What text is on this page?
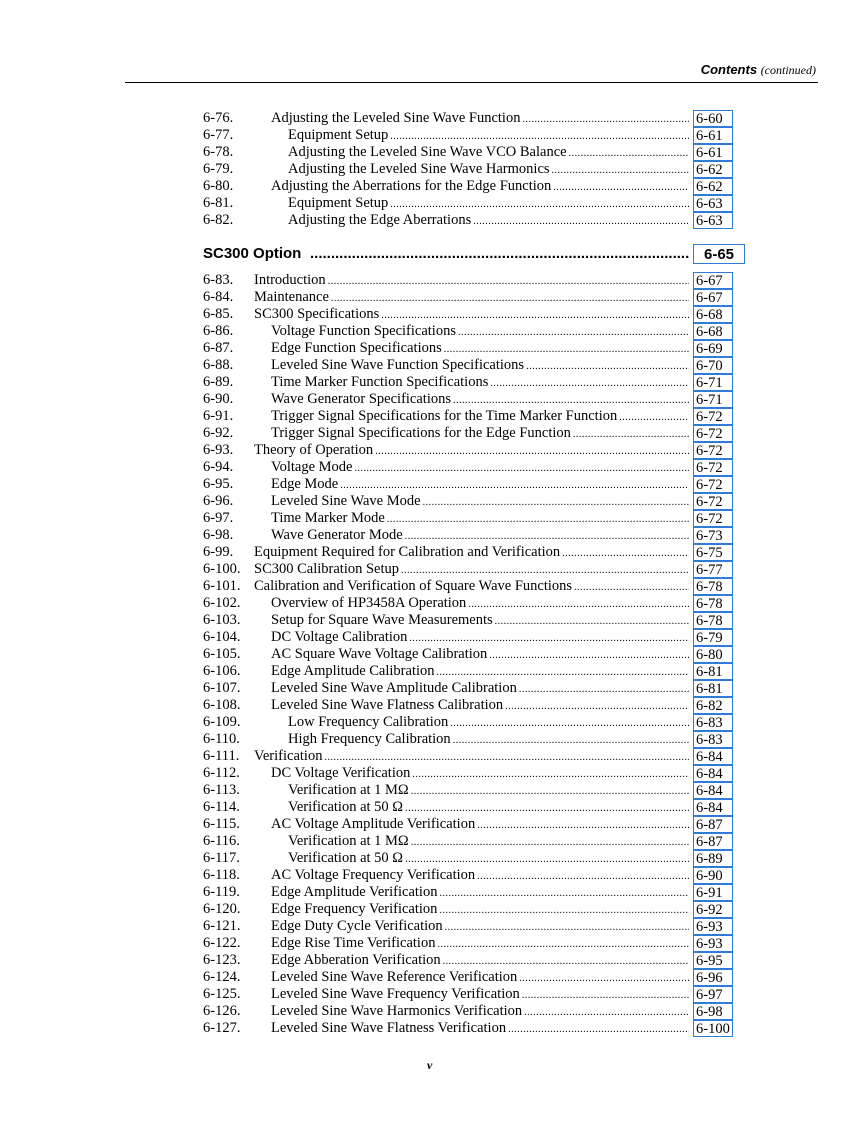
Contents (continued)
6-76.	Adjusting the Leveled Sine Wave Function .....	6-60
6-77.	Equipment Setup .....	6-61
6-78.	Adjusting the Leveled Sine Wave VCO Balance .....	6-61
6-79.	Adjusting the Leveled Sine Wave Harmonics .....	6-62
6-80.	Adjusting the Aberrations for the Edge Function .....	6-62
6-81.	Equipment Setup .....	6-63
6-82.	Adjusting the Edge Aberrations .....	6-63
SC300 Option .....	6-65
6-83. Introduction .....	6-67
6-84. Maintenance .....	6-67
6-85. SC300 Specifications .....	6-68
6-86.	Voltage Function Specifications .....	6-68
6-87.	Edge Function Specifications .....	6-69
6-88.	Leveled Sine Wave Function Specifications .....	6-70
6-89.	Time Marker Function Specifications .....	6-71
6-90.	Wave Generator Specifications .....	6-71
6-91.	Trigger Signal Specifications for the Time Marker Function .....	6-72
6-92.	Trigger Signal Specifications for the Edge Function .....	6-72
6-93. Theory of Operation .....	6-72
6-94.	Voltage Mode .....	6-72
6-95.	Edge Mode .....	6-72
6-96.	Leveled Sine Wave Mode .....	6-72
6-97.	Time Marker Mode .....	6-72
6-98.	Wave Generator Mode .....	6-73
6-99. Equipment Required for Calibration and Verification .....	6-75
6-100. SC300 Calibration Setup .....	6-77
6-101. Calibration and Verification of Square Wave Functions .....	6-78
6-102. Overview of HP3458A Operation .....	6-78
6-103. Setup for Square Wave Measurements .....	6-78
6-104. DC Voltage Calibration .....	6-79
6-105. AC Square Wave Voltage Calibration .....	6-80
6-106. Edge Amplitude Calibration .....	6-81
6-107. Leveled Sine Wave Amplitude Calibration .....	6-81
6-108. Leveled Sine Wave Flatness Calibration .....	6-82
6-109.	Low Frequency Calibration .....	6-83
6-110.	High Frequency Calibration .....	6-83
6-111. Verification .....	6-84
6-112. DC Voltage Verification .....	6-84
6-113.	Verification at 1 MΩ .....	6-84
6-114.	Verification at 50 Ω .....	6-84
6-115. AC Voltage Amplitude Verification .....	6-87
6-116.	Verification at 1 MΩ .....	6-87
6-117.	Verification at 50 Ω .....	6-89
6-118. AC Voltage Frequency Verification .....	6-90
6-119. Edge Amplitude Verification .....	6-91
6-120. Edge Frequency Verification .....	6-92
6-121. Edge Duty Cycle Verification .....	6-93
6-122. Edge Rise Time Verification .....	6-93
6-123. Edge Abberation Verification .....	6-95
6-124. Leveled Sine Wave Reference Verification .....	6-96
6-125. Leveled Sine Wave Frequency Verification .....	6-97
6-126. Leveled Sine Wave Harmonics Verification .....	6-98
6-127. Leveled Sine Wave Flatness Verification .....	6-100
v
